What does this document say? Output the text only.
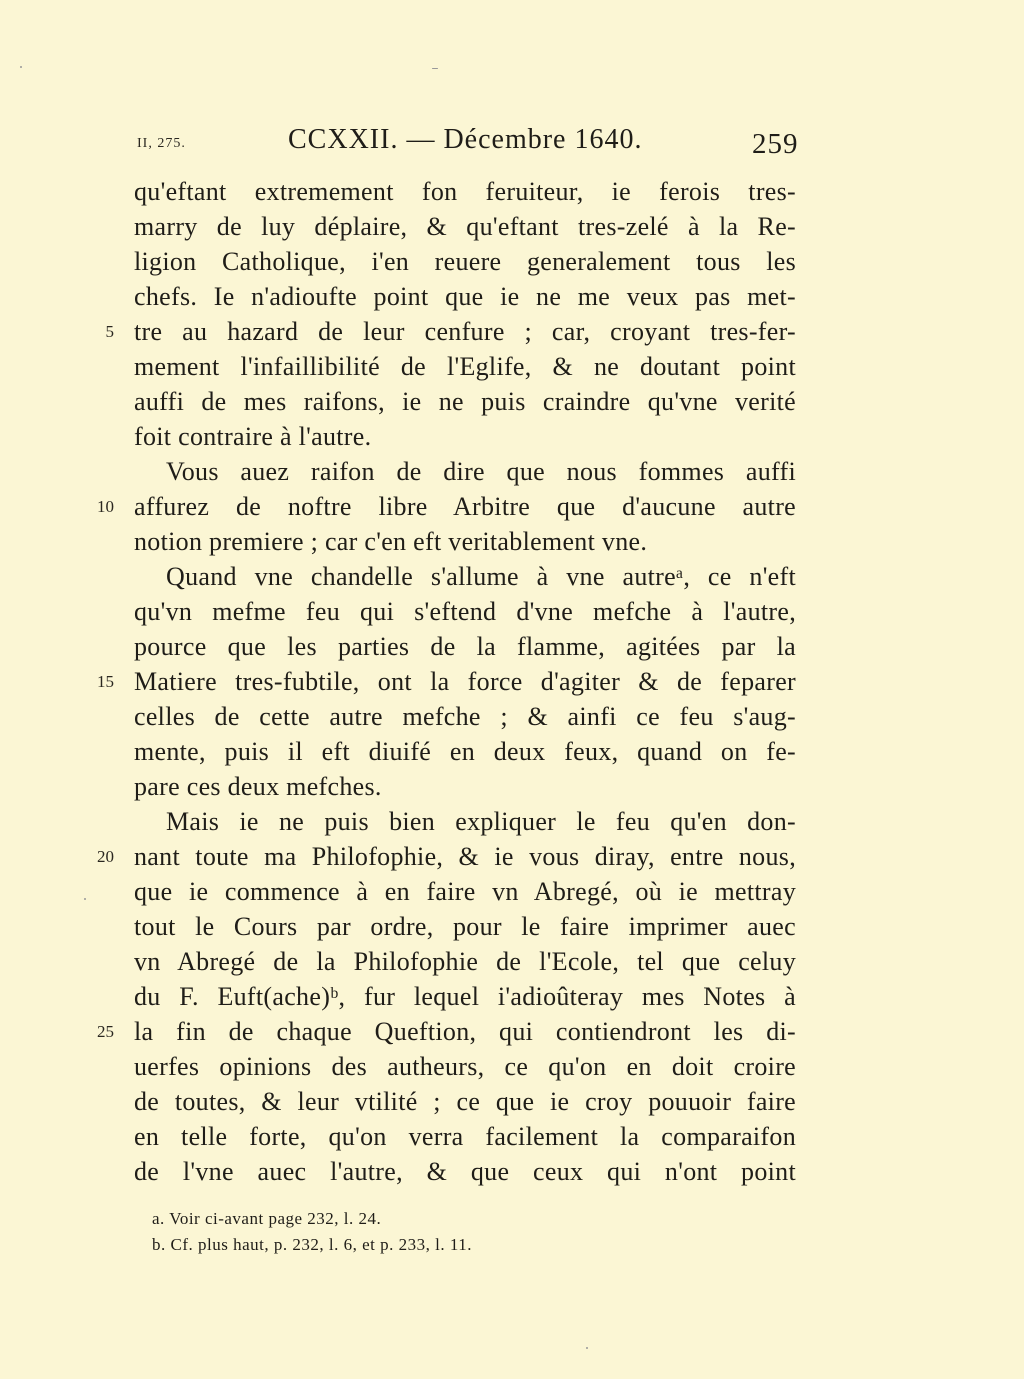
II, 275.	CCXXII. — Décembre 1640.	259
qu'eftant extremement fon feruiteur, ie ferois tres-
marry de luy déplaire, & qu'eftant tres-zelé à la Re-
ligion Catholique, i'en reuere generalement tous les
chefs. Ie n'adioufte point que ie ne me veux pas met-
tre au hazard de leur cenfure ; car, croyant tres-fer-
mement l'infaillibilité de l'Eglife, & ne doutant point
auffi de mes raifons, ie ne puis craindre qu'vne verité
foit contraire à l'autre.
Vous auez raifon de dire que nous fommes auffi
affurez de noftre libre Arbitre que d'aucune autre
notion premiere ; car c'en eft veritablement vne.
Quand vne chandelle s'allume à vne autreᵃ, ce n'eft
qu'vn mefme feu qui s'eftend d'vne mefche à l'autre,
pource que les parties de la flamme, agitées par la
Matiere tres-fubtile, ont la force d'agiter & de feparer
celles de cette autre mefche ; & ainfi ce feu s'aug-
mente, puis il eft diuifé en deux feux, quand on fe-
pare ces deux mefches.
Mais ie ne puis bien expliquer le feu qu'en don-
nant toute ma Philofophie, & ie vous diray, entre nous,
que ie commence à en faire vn Abregé, où ie mettray
tout le Cours par ordre, pour le faire imprimer auec
vn Abregé de la Philofophie de l'Ecole, tel que celuy
du F. Euft(ache)ᵇ, fur lequel i'adioûteray mes Notes à
la fin de chaque Queftion, qui contiendront les di-
uerfes opinions des autheurs, ce qu'on en doit croire
de toutes, & leur vtilité ; ce que ie croy pouuoir faire
en telle forte, qu'on verra facilement la comparaifon
de l'vne auec l'autre, & que ceux qui n'ont point
5
10
15
20
25
a. Voir ci-avant page 232, l. 24.
b. Cf. plus haut, p. 232, l. 6, et p. 233, l. 11.
